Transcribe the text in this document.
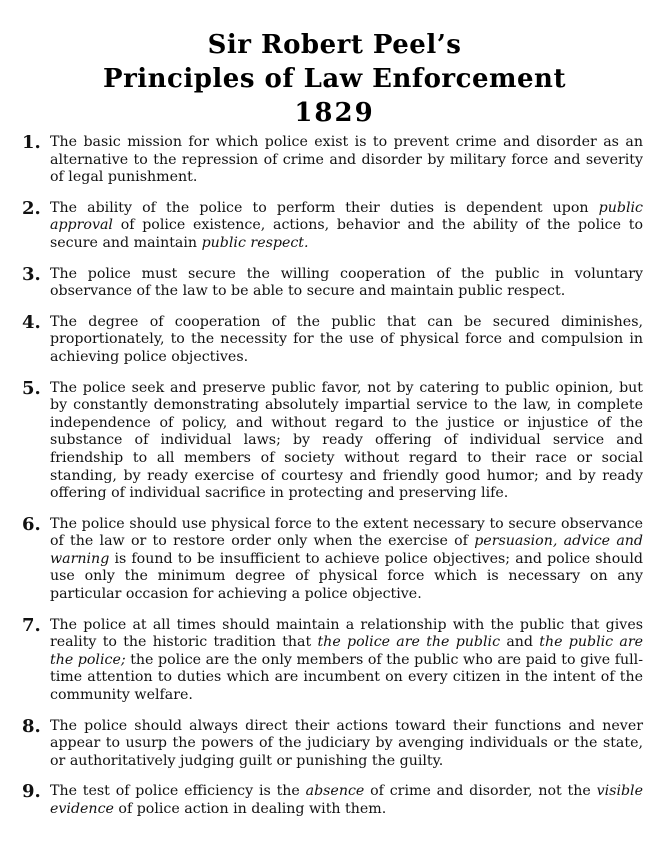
Sir Robert Peel’s
Principles of Law Enforcement
1829
1. The basic mission for which police exist is to prevent crime and disorder as an alternative to the repression of crime and disorder by military force and severity of legal punishment.
2. The ability of the police to perform their duties is dependent upon public approval of police existence, actions, behavior and the ability of the police to secure and maintain public respect.
3. The police must secure the willing cooperation of the public in voluntary observance of the law to be able to secure and maintain public respect.
4. The degree of cooperation of the public that can be secured diminishes, proportionately, to the necessity for the use of physical force and compulsion in achieving police objectives.
5. The police seek and preserve public favor, not by catering to public opinion, but by constantly demonstrating absolutely impartial service to the law, in complete independence of policy, and without regard to the justice or injustice of the substance of individual laws; by ready offering of individual service and friendship to all members of society without regard to their race or social standing, by ready exercise of courtesy and friendly good humor; and by ready offering of individual sacrifice in protecting and preserving life.
6. The police should use physical force to the extent necessary to secure observance of the law or to restore order only when the exercise of persuasion, advice and warning is found to be insufficient to achieve police objectives; and police should use only the minimum degree of physical force which is necessary on any particular occasion for achieving a police objective.
7. The police at all times should maintain a relationship with the public that gives reality to the historic tradition that the police are the public and the public are the police; the police are the only members of the public who are paid to give full-time attention to duties which are incumbent on every citizen in the intent of the community welfare.
8. The police should always direct their actions toward their functions and never appear to usurp the powers of the judiciary by avenging individuals or the state, or authoritatively judging guilt or punishing the guilty.
9. The test of police efficiency is the absence of crime and disorder, not the visible evidence of police action in dealing with them.
